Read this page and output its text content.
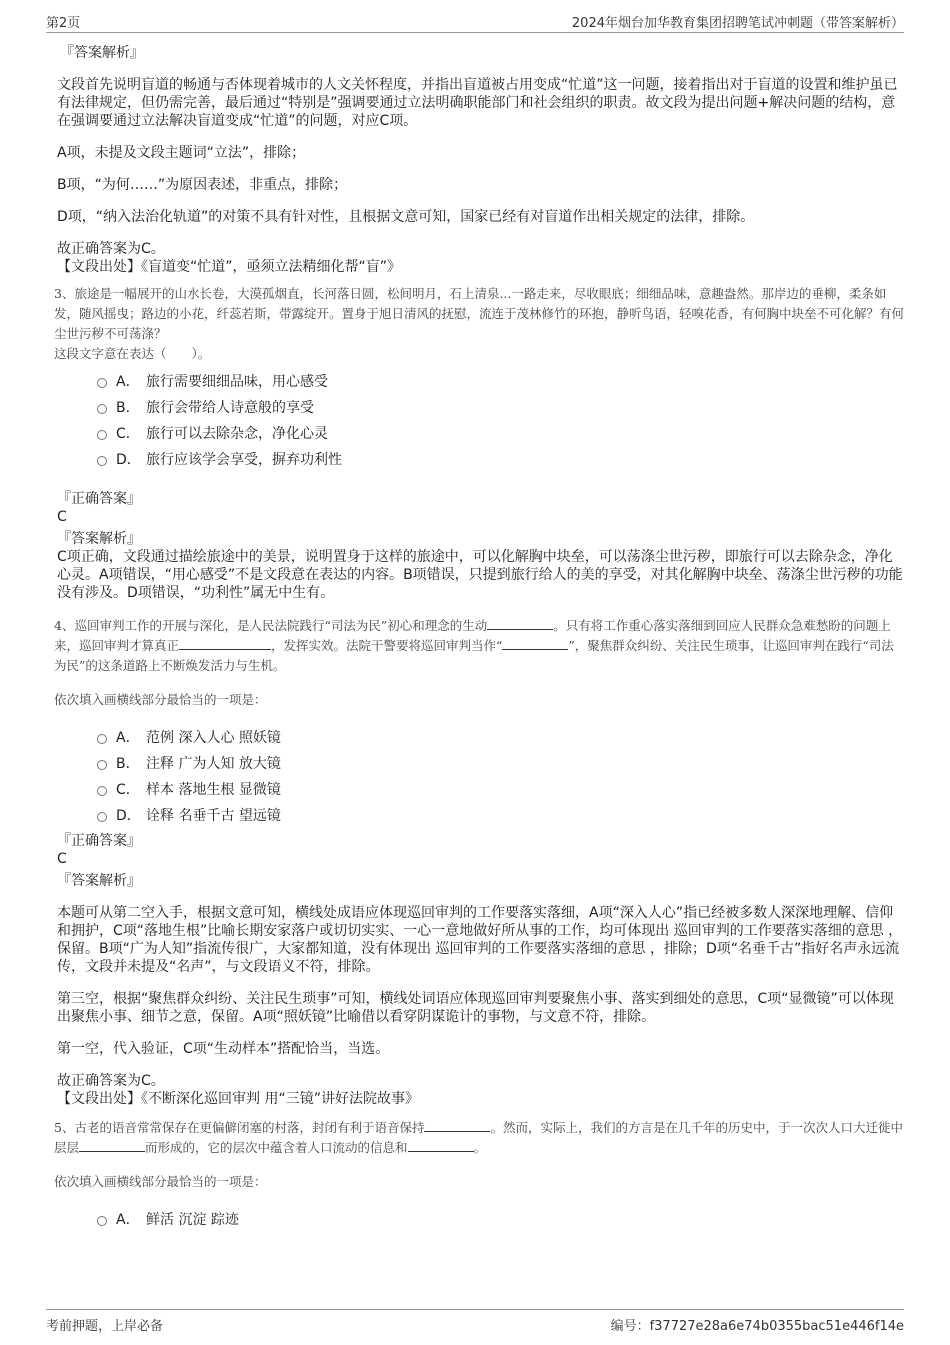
第2页	2024年烟台加华教育集团招聘笔试冲刺题（带答案解析）

『答案解析』

文段首先说明盲道的畅通与否体现着城市的人文关怀程度，并指出盲道被占用变成“忙道”这一问题，接着指出对于盲道的设置和维护虽已有法律规定，但仍需完善，最后通过“特别是”强调要通过立法明确职能部门和社会组织的职责。故文段为提出问题+解决问题的结构，意在强调要通过立法解决盲道变成“忙道”的问题，对应C项。

A项，未提及文段主题词“立法”，排除；

B项，“为何……”为原因表述，非重点，排除；

D项，“纳入法治化轨道”的对策不具有针对性，且根据文意可知，国家已经有对盲道作出相关规定的法律，排除。

故正确答案为C。

【文段出处】《盲道变“忙道”，亟须立法精细化帮“盲”》

3、旅途是一幅展开的山水长卷，大漠孤烟直，长河落日圆，松间明月，石上清泉...一路走来，尽收眼底；细细品味，意趣盎然。那岸边的垂柳，柔条如发，随风摇曳；路边的小花，纤蕊若斯，带露绽开。置身于旭日清风的抚慰，流连于茂林修竹的环抱，静听鸟语，轻嗅花香，有何胸中块垒不可化解？有何尘世污秽不可荡涤？

这段文字意在表达（　　）。

A． 旅行需要细细品味，用心感受
B． 旅行会带给人诗意般的享受
C． 旅行可以去除杂念，净化心灵
D． 旅行应该学会享受，摒弃功利性

『正确答案』

C

『答案解析』

C项正确，文段通过描绘旅途中的美景，说明置身于这样的旅途中，可以化解胸中块垒，可以荡涤尘世污秽，即旅行可以去除杂念，净化心灵。A项错误，“用心感受”不是文段意在表达的内容。B项错误，只提到旅行给人的美的享受，对其化解胸中块垒、荡涤尘世污秽的功能没有涉及。D项错误，“功利性”属无中生有。

4、巡回审判工作的开展与深化，是人民法院践行“司法为民”初心和理念的生动	。只有将工作重心落实落细到回应人民群众急难愁盼的问题上来，巡回审判才算真正	，发挥实效。法院干警要将巡回审判当作“	”，聚焦群众纠纷、关注民生琐事，让巡回审判在践行“司法为民”的这条道路上不断焕发活力与生机。

依次填入画横线部分最恰当的一项是：

A． 范例 深入人心 照妖镜
B． 注释 广为人知 放大镜
C． 样本 落地生根 显微镜
D． 诠释 名垂千古 望远镜

『正确答案』

C

『答案解析』

本题可从第二空入手，根据文意可知，横线处成语应体现巡回审判的工作要落实落细，A项“深入人心”指已经被多数人深深地理解、信仰和拥护，C项“落地生根”比喻长期安家落户或切切实实、一心一意地做好所从事的工作，均可体现出 巡回审判的工作要落实落细的意思 ，保留。B项“广为人知”指流传很广，大家都知道，没有体现出 巡回审判的工作要落实落细的意思 ，排除；D项“名垂千古”指好名声永远流传，文段并未提及“名声”，与文段语义不符，排除。

第三空，根据“聚焦群众纠纷、关注民生琐事”可知，横线处词语应体现巡回审判要聚焦小事、落实到细处的意思，C项“显微镜”可以体现出聚焦小事、细节之意，保留。A项“照妖镜”比喻借以看穿阴谋诡计的事物，与文意不符，排除。

第一空，代入验证，C项“生动样本”搭配恰当，当选。

故正确答案为C。

【文段出处】《不断深化巡回审判 用“三镜”讲好法院故事》

5、古老的语音常常保存在更偏僻闭塞的村落，封闭有利于语音保持	。然而，实际上，我们的方言是在几千年的历史中，于一次次人口大迁徙中层层	而形成的，它的层次中蕴含着人口流动的信息和	。

依次填入画横线部分最恰当的一项是：

A． 鲜活 沉淀 踪迹
考前押题，上岸必备	编号：f37727e28a6e74b0355bac51e446f14e
